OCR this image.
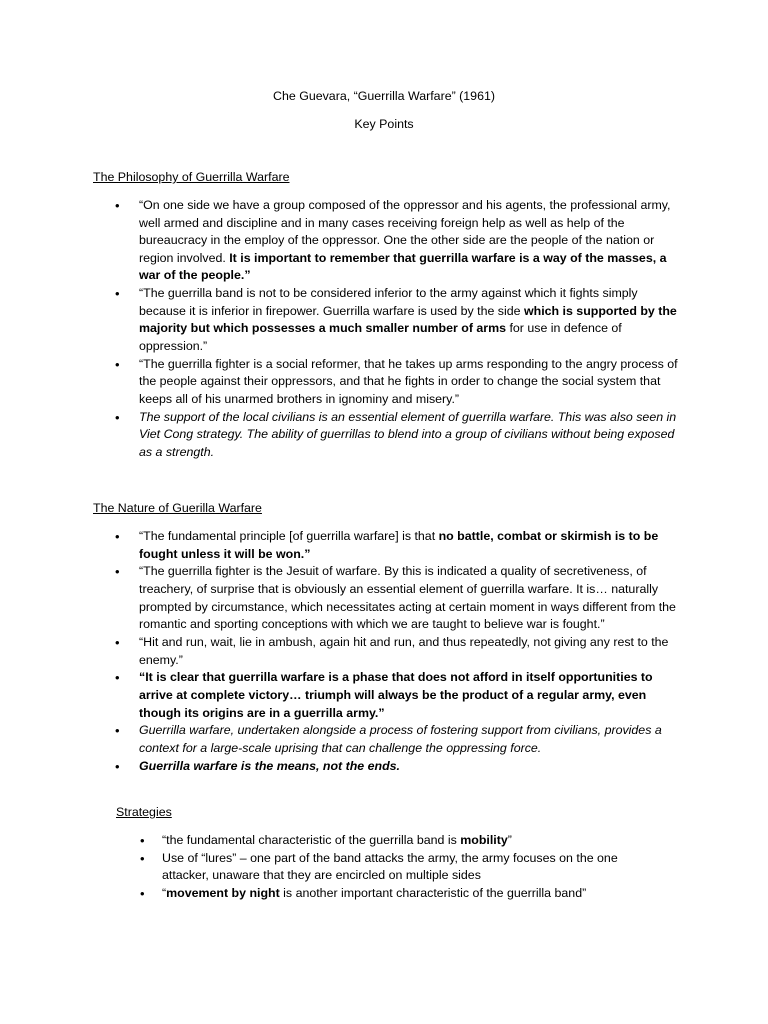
Che Guevara, “Guerrilla Warfare” (1961)

Key Points

The Philosophy of Guerrilla Warfare

• “On one side we have a group composed of the oppressor and his agents, the professional army, well armed and discipline and in many cases receiving foreign help as well as help of the bureaucracy in the employ of the oppressor. One the other side are the people of the nation or region involved. It is important to remember that guerrilla warfare is a way of the masses, a war of the people.”
• “The guerrilla band is not to be considered inferior to the army against which it fights simply because it is inferior in firepower. Guerrilla warfare is used by the side which is supported by the majority but which possesses a much smaller number of arms for use in defence of oppression.”
• “The guerrilla fighter is a social reformer, that he takes up arms responding to the angry process of the people against their oppressors, and that he fights in order to change the social system that keeps all of his unarmed brothers in ignominy and misery.”
• The support of the local civilians is an essential element of guerrilla warfare. This was also seen in Viet Cong strategy. The ability of guerrillas to blend into a group of civilians without being exposed as a strength.

The Nature of Guerilla Warfare

• “The fundamental principle [of guerrilla warfare] is that no battle, combat or skirmish is to be fought unless it will be won.”
• “The guerrilla fighter is the Jesuit of warfare. By this is indicated a quality of secretiveness, of treachery, of surprise that is obviously an essential element of guerrilla warfare. It is… naturally prompted by circumstance, which necessitates acting at certain moment in ways different from the romantic and sporting conceptions with which we are taught to believe war is fought.”
• “Hit and run, wait, lie in ambush, again hit and run, and thus repeatedly, not giving any rest to the enemy.”
• “It is clear that guerrilla warfare is a phase that does not afford in itself opportunities to arrive at complete victory… triumph will always be the product of a regular army, even though its origins are in a guerrilla army.”
• Guerrilla warfare, undertaken alongside a process of fostering support from civilians, provides a context for a large-scale uprising that can challenge the oppressing force.
• Guerrilla warfare is the means, not the ends.

Strategies

• “the fundamental characteristic of the guerrilla band is mobility”
• Use of “lures” – one part of the band attacks the army, the army focuses on the one attacker, unaware that they are encircled on multiple sides
• “movement by night is another important characteristic of the guerrilla band”
